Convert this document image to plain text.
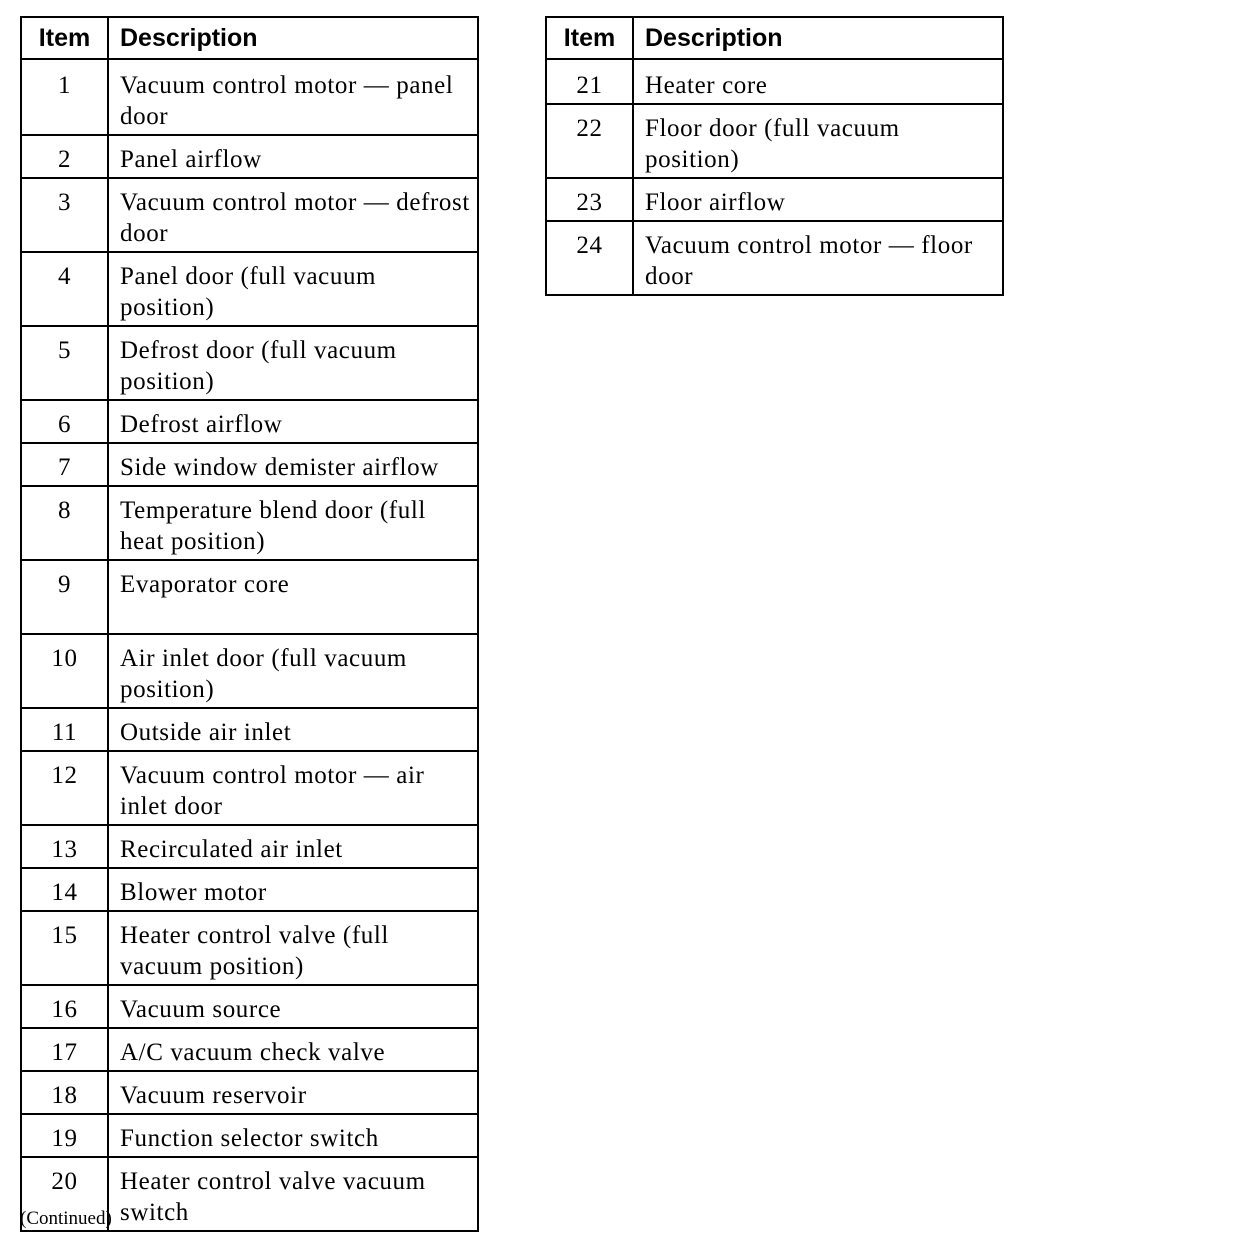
Item	Description
1	Vacuum control motor — panel door
2	Panel airflow
3	Vacuum control motor — defrost door
4	Panel door (full vacuum position)
5	Defrost door (full vacuum position)
6	Defrost airflow
7	Side window demister airflow
8	Temperature blend door (full heat position)
9	Evaporator core
10	Air inlet door (full vacuum position)
11	Outside air inlet
12	Vacuum control motor — air inlet door
13	Recirculated air inlet
14	Blower motor
15	Heater control valve (full vacuum position)
16	Vacuum source
17	A/C vacuum check valve
18	Vacuum reservoir
19	Function selector switch
20	Heater control valve vacuum switch
Item	Description
21	Heater core
22	Floor door (full vacuum position)
23	Floor airflow
24	Vacuum control motor — floor door
(Continued)
